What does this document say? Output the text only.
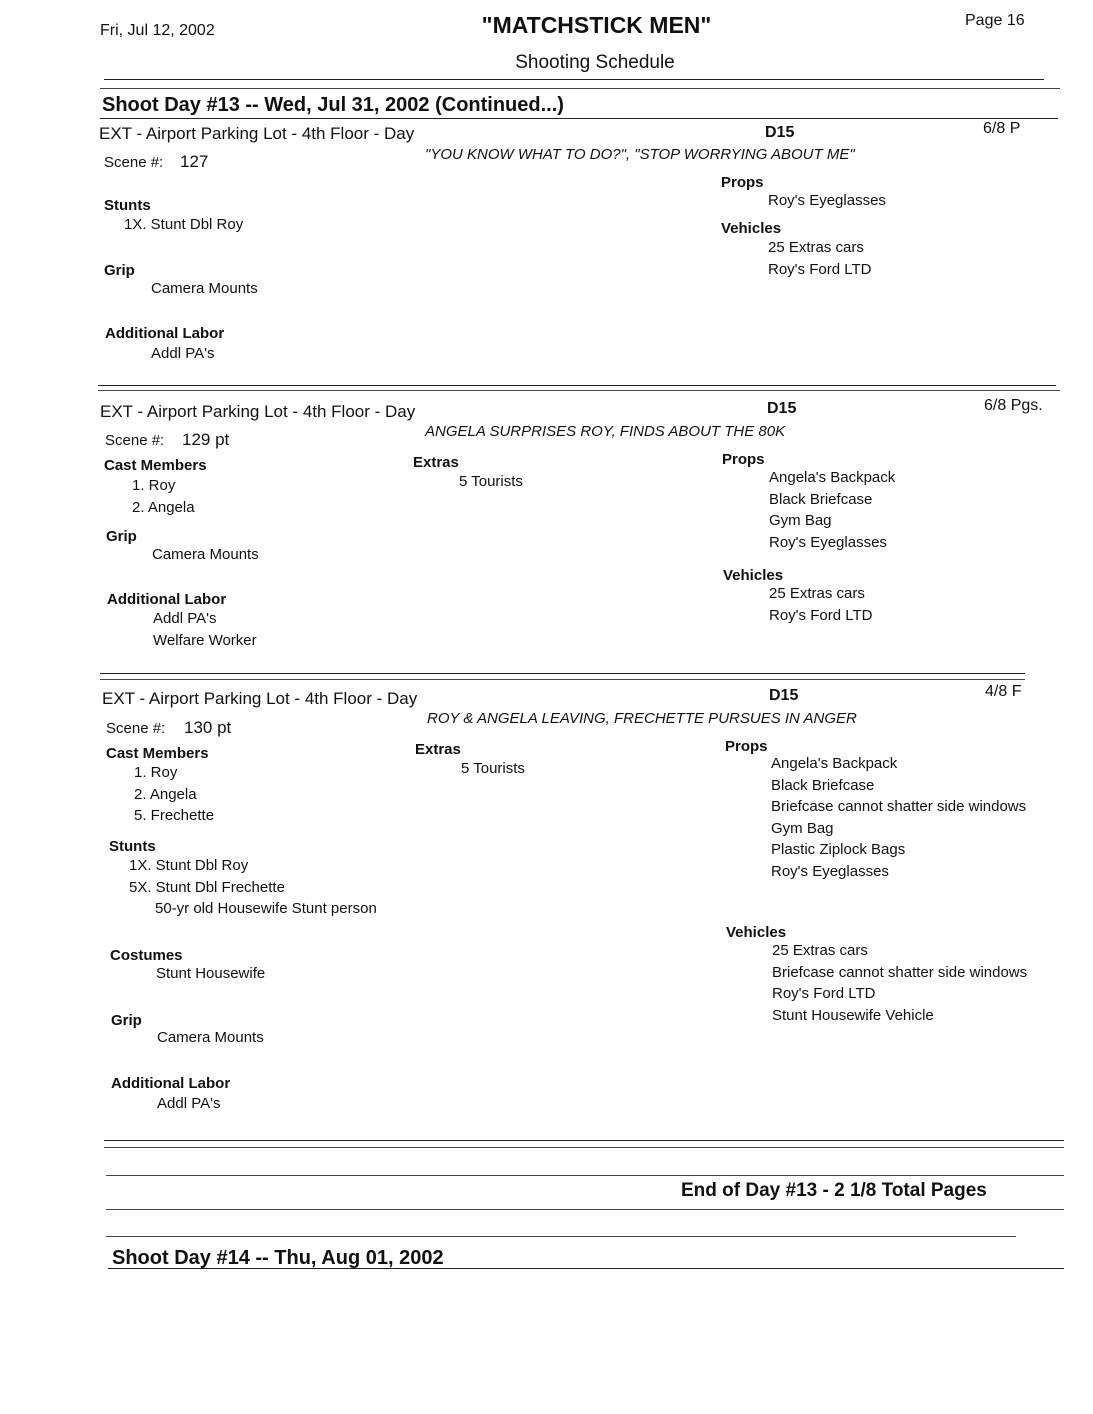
Fri, Jul 12, 2002	"MATCHSTICK MEN"	Page 16
Shooting Schedule
Shoot Day #13 -- Wed, Jul 31, 2002 (Continued...)
EXT - Airport Parking Lot - 4th Floor - Day	D15	6/8 P
Scene #: 127	"YOU KNOW WHAT TO DO?", "STOP WORRYING ABOUT ME"
Stunts
1X. Stunt Dbl Roy
Grip
Camera Mounts
Additional Labor
Addl PA's
Props
Roy's Eyeglasses
Vehicles
25 Extras cars
Roy's Ford LTD
EXT - Airport Parking Lot - 4th Floor - Day	D15	6/8 Pgs.
Scene #: 129 pt	ANGELA SURPRISES ROY, FINDS ABOUT THE 80K
Cast Members
1. Roy
2. Angela
Grip
Camera Mounts
Additional Labor
Addl PA's
Welfare Worker
Extras
5 Tourists
Props
Angela's Backpack
Black Briefcase
Gym Bag
Roy's Eyeglasses
Vehicles
25 Extras cars
Roy's Ford LTD
EXT - Airport Parking Lot - 4th Floor - Day	D15	4/8 F
Scene #: 130 pt	ROY & ANGELA LEAVING, FRECHETTE PURSUES IN ANGER
Cast Members
1. Roy
2. Angela
5. Frechette
Stunts
1X. Stunt Dbl Roy
5X. Stunt Dbl Frechette
50-yr old Housewife Stunt person
Costumes
Stunt Housewife
Grip
Camera Mounts
Additional Labor
Addl PA's
Extras
5 Tourists
Props
Angela's Backpack
Black Briefcase
Briefcase cannot shatter side windows
Gym Bag
Plastic Ziplock Bags
Roy's Eyeglasses
Vehicles
25 Extras cars
Briefcase cannot shatter side windows
Roy's Ford LTD
Stunt Housewife Vehicle
End of Day #13 - 2 1/8 Total Pages
Shoot Day #14 -- Thu, Aug 01, 2002
